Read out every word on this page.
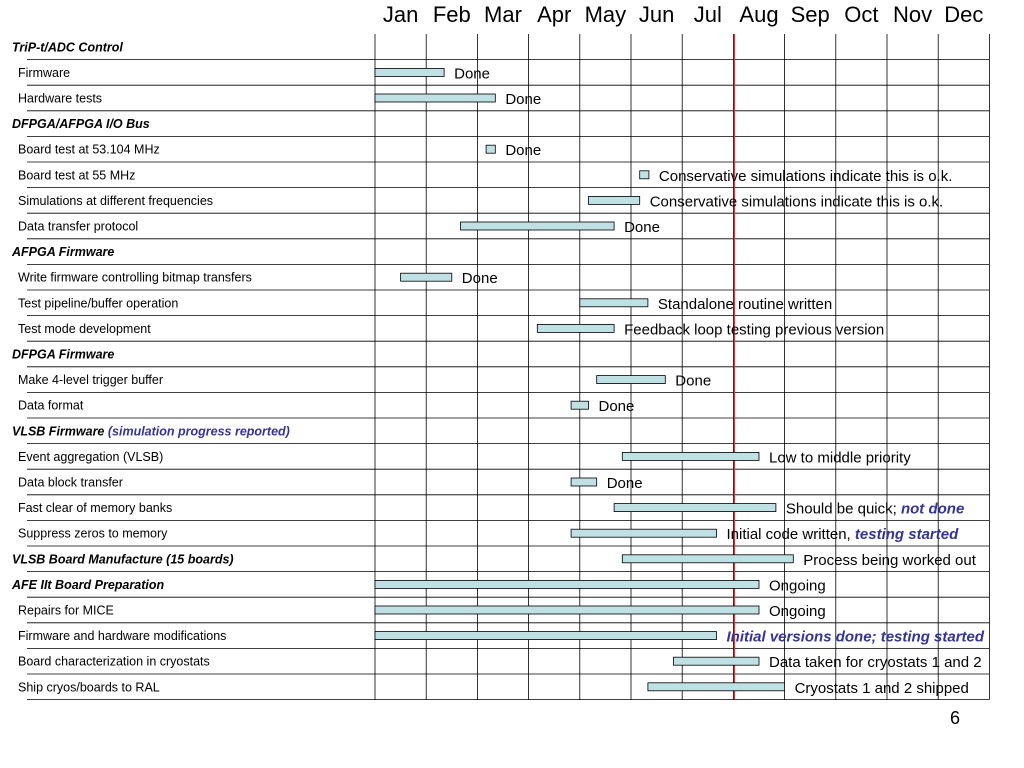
Jan Feb Mar Apr May Jun Jul Aug Sep Oct Nov Dec
TriP-t/ADC Control
Firmware	Done
Hardware tests	Done
DFPGA/AFPGA I/O Bus
Board test at 53.104 MHz	Done
Board test at 55 MHz	Conservative simulations indicate this is o.k.
Simulations at different frequencies	Conservative simulations indicate this is o.k.
Data transfer protocol	Done
AFPGA Firmware
Write firmware controlling bitmap transfers	Done
Test pipeline/buffer operation	Standalone routine written
Test mode development	Feedback loop testing previous version
DFPGA Firmware
Make 4-level trigger buffer	Done
Data format	Done
VLSB Firmware (simulation progress reported)
Event aggregation (VLSB)	Low to middle priority
Data block transfer	Done
Fast clear of memory banks	Should be quick; not done
Suppress zeros to memory	Initial code written, testing started
VLSB Board Manufacture (15 boards)	Process being worked out
AFE IIt Board Preparation	Ongoing
Repairs for MICE	Ongoing
Firmware and hardware modifications	Initial versions done; testing started
Board characterization in cryostats	Data taken for cryostats 1 and 2
Ship cryos/boards to RAL	Cryostats 1 and 2 shipped
6
